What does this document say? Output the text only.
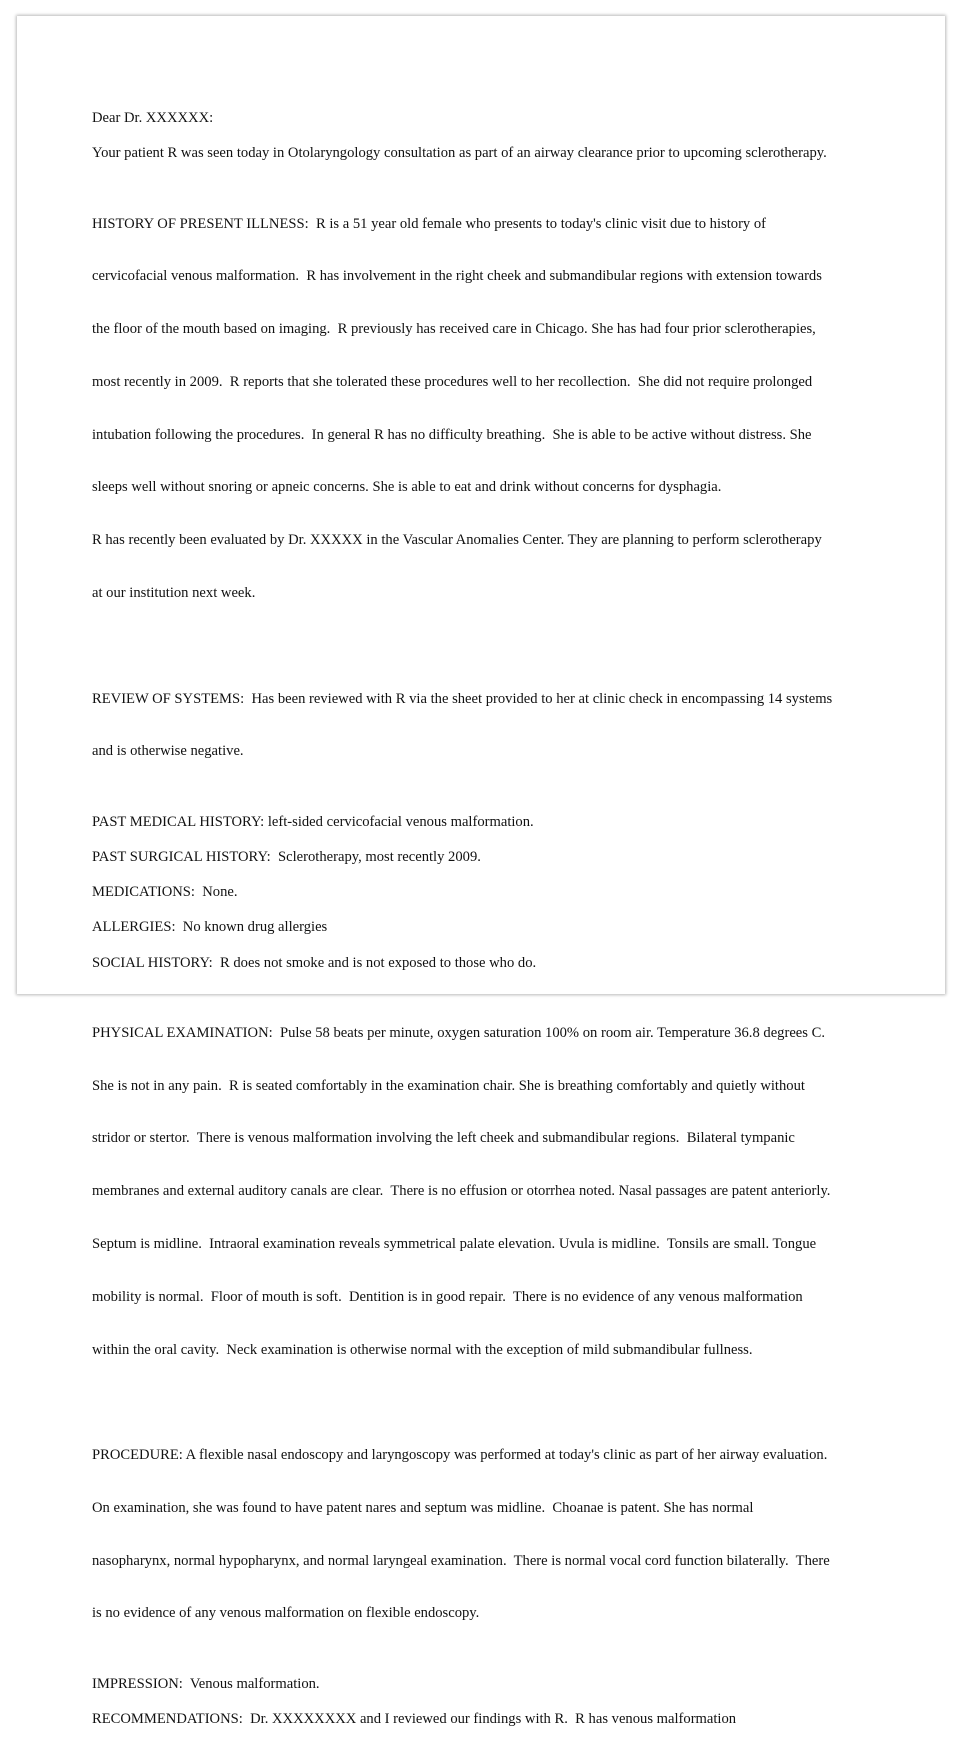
Dear Dr. XXXXXX:

Your patient R was seen today in Otolaryngology consultation as part of an airway clearance prior to upcoming sclerotherapy.

HISTORY OF PRESENT ILLNESS:  R is a 51 year old female who presents to today's clinic visit due to history of

cervicofacial venous malformation.  R has involvement in the right cheek and submandibular regions with extension towards

the floor of the mouth based on imaging.  R previously has received care in Chicago. She has had four prior sclerotherapies,

most recently in 2009.  R reports that she tolerated these procedures well to her recollection.  She did not require prolonged

intubation following the procedures.  In general R has no difficulty breathing.  She is able to be active without distress. She

sleeps well without snoring or apneic concerns. She is able to eat and drink without concerns for dysphagia.

R has recently been evaluated by Dr. XXXXX in the Vascular Anomalies Center. They are planning to perform sclerotherapy

at our institution next week.

REVIEW OF SYSTEMS:  Has been reviewed with R via the sheet provided to her at clinic check in encompassing 14 systems

and is otherwise negative.

PAST MEDICAL HISTORY: left-sided cervicofacial venous malformation.

PAST SURGICAL HISTORY:  Sclerotherapy, most recently 2009.

MEDICATIONS:  None.

ALLERGIES:  No known drug allergies

SOCIAL HISTORY:  R does not smoke and is not exposed to those who do.

PHYSICAL EXAMINATION:  Pulse 58 beats per minute, oxygen saturation 100% on room air. Temperature 36.8 degrees C.

She is not in any pain.  R is seated comfortably in the examination chair. She is breathing comfortably and quietly without

stridor or stertor.  There is venous malformation involving the left cheek and submandibular regions.  Bilateral tympanic

membranes and external auditory canals are clear.  There is no effusion or otorrhea noted. Nasal passages are patent anteriorly.

Septum is midline.  Intraoral examination reveals symmetrical palate elevation. Uvula is midline.  Tonsils are small. Tongue

mobility is normal.  Floor of mouth is soft.  Dentition is in good repair.  There is no evidence of any venous malformation

within the oral cavity.  Neck examination is otherwise normal with the exception of mild submandibular fullness.

PROCEDURE: A flexible nasal endoscopy and laryngoscopy was performed at today's clinic as part of her airway evaluation.

On examination, she was found to have patent nares and septum was midline.  Choanae is patent. She has normal

nasopharynx, normal hypopharynx, and normal laryngeal examination.  There is normal vocal cord function bilaterally.  There

is no evidence of any venous malformation on flexible endoscopy.

IMPRESSION:  Venous malformation.

RECOMMENDATIONS:  Dr. XXXXXXXX and I reviewed our findings with R.  R has venous malformation
